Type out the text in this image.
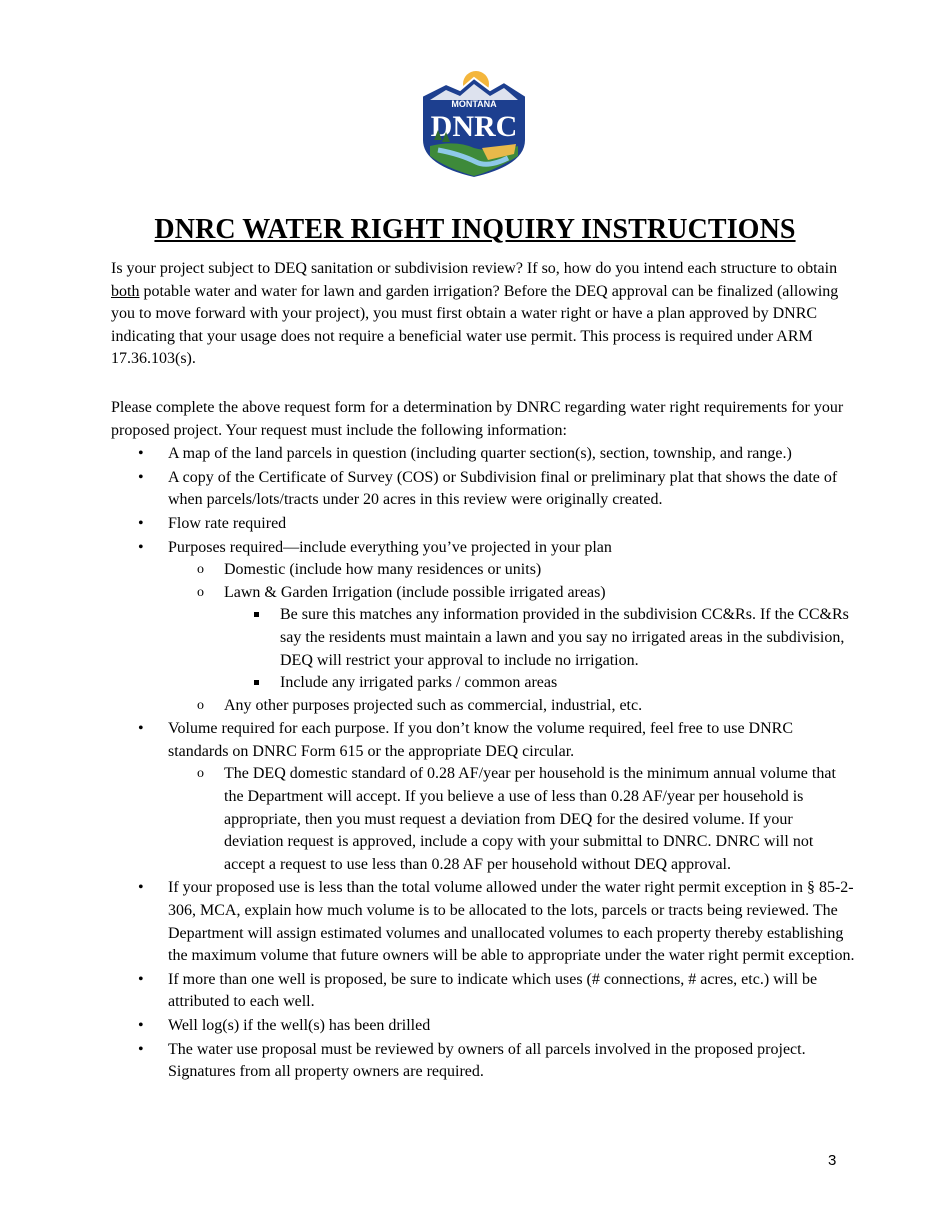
MONTANA
DNRC
DNRC WATER RIGHT INQUIRY INSTRUCTIONS

Is your project subject to DEQ sanitation or subdivision review? If so, how do you intend each structure to obtain both potable water and water for lawn and garden irrigation? Before the DEQ approval can be finalized (allowing you to move forward with your project), you must first obtain a water right or have a plan approved by DNRC indicating that your usage does not require a beneficial water use permit. This process is required under ARM 17.36.103(s).

Please complete the above request form for a determination by DNRC regarding water right requirements for your proposed project. Your request must include the following information:

• A map of the land parcels in question (including quarter section(s), section, township, and range.)
• A copy of the Certificate of Survey (COS) or Subdivision final or preliminary plat that shows the date of when parcels/lots/tracts under 20 acres in this review were originally created.
• Flow rate required
• Purposes required—include everything you’ve projected in your plan
o Domestic (include how many residences or units)
o Lawn & Garden Irrigation (include possible irrigated areas)
Be sure this matches any information provided in the subdivision CC&Rs. If the CC&Rs say the residents must maintain a lawn and you say no irrigated areas in the subdivision, DEQ will restrict your approval to include no irrigation.
Include any irrigated parks / common areas
o Any other purposes projected such as commercial, industrial, etc.
• Volume required for each purpose. If you don’t know the volume required, feel free to use DNRC standards on DNRC Form 615 or the appropriate DEQ circular.
o The DEQ domestic standard of 0.28 AF/year per household is the minimum annual volume that the Department will accept. If you believe a use of less than 0.28 AF/year per household is appropriate, then you must request a deviation from DEQ for the desired volume. If your deviation request is approved, include a copy with your submittal to DNRC. DNRC will not accept a request to use less than 0.28 AF per household without DEQ approval.
• If your proposed use is less than the total volume allowed under the water right permit exception in § 85-2-306, MCA, explain how much volume is to be allocated to the lots, parcels or tracts being reviewed. The Department will assign estimated volumes and unallocated volumes to each property thereby establishing the maximum volume that future owners will be able to appropriate under the water right permit exception.
• If more than one well is proposed, be sure to indicate which uses (# connections, # acres, etc.) will be attributed to each well.
• Well log(s) if the well(s) has been drilled
• The water use proposal must be reviewed by owners of all parcels involved in the proposed project. Signatures from all property owners are required.
3
